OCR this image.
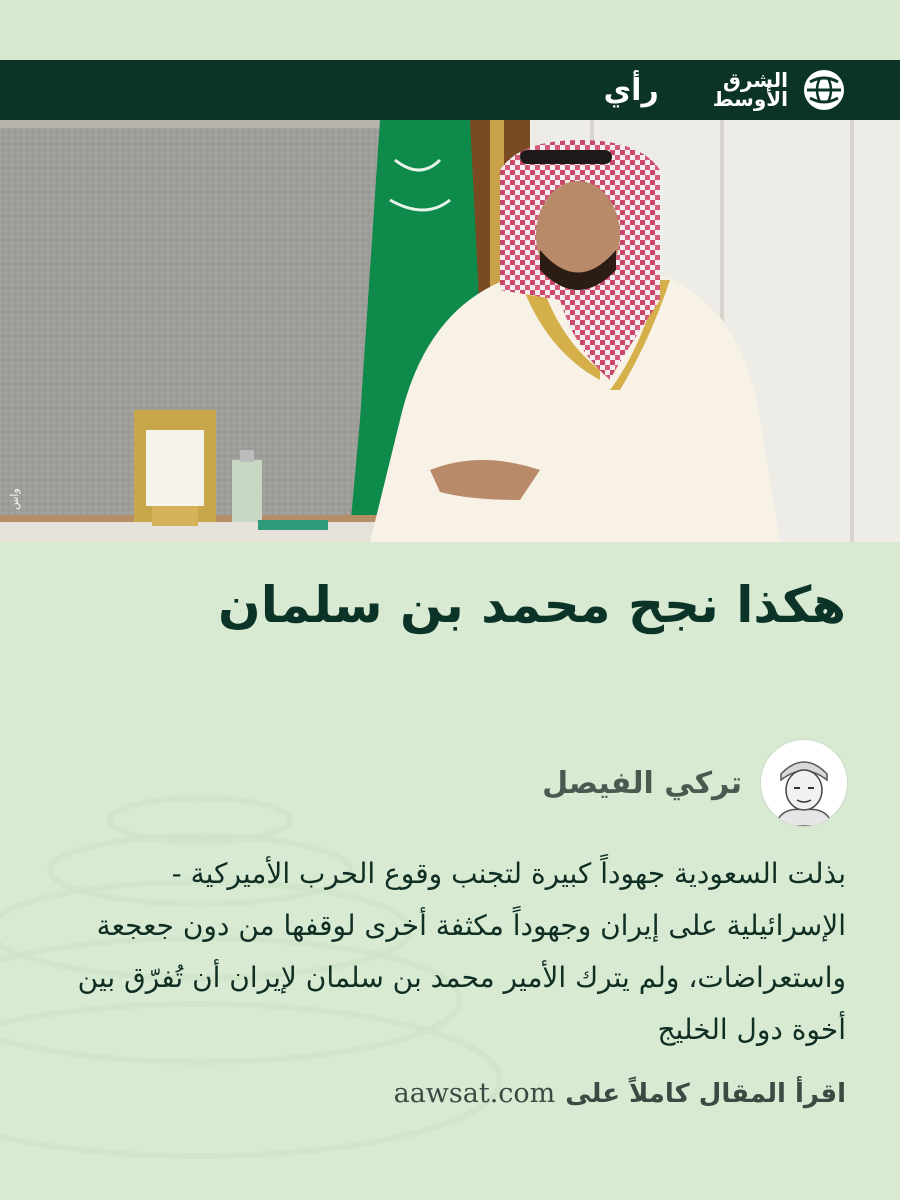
رأي	الشرق
الأوسط
واس
هكذا نجح محمد بن سلمان
تركي الفيصل
بذلت السعودية جهوداً كبيرة لتجنب وقوع الحرب الأميركية - الإسرائيلية على إيران وجهوداً مكثفة أخرى لوقفها من دون جعجعة واستعراضات، ولم يترك الأمير محمد بن سلمان لإيران أن تُفرّق بين أخوة دول الخليج
اقرأ المقال كاملاً على
aawsat.com
